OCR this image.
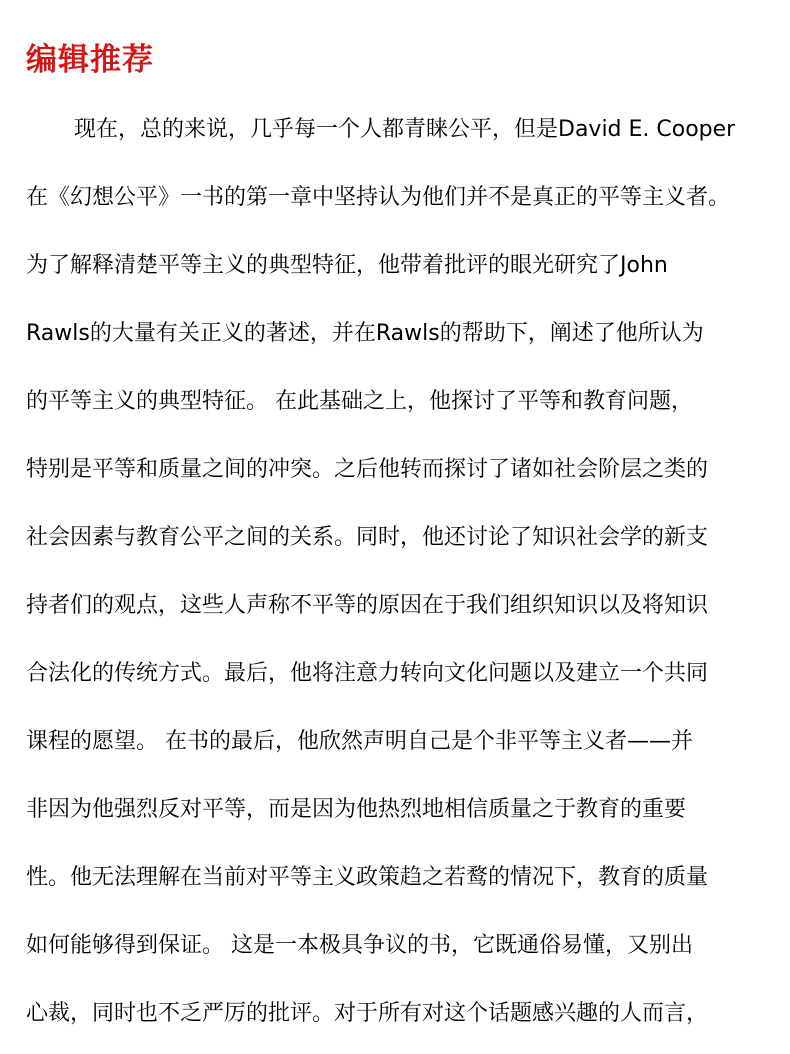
编辑推荐
现在，总的来说，几乎每一个人都青睐公平，但是David E. Cooper
在《幻想公平》一书的第一章中坚持认为他们并不是真正的平等主义者。
为了解释清楚平等主义的典型特征，他带着批评的眼光研究了John
Rawls的大量有关正义的著述，并在Rawls的帮助下，阐述了他所认为
的平等主义的典型特征。 在此基础之上，他探讨了平等和教育问题，
特别是平等和质量之间的冲突。之后他转而探讨了诸如社会阶层之类的
社会因素与教育公平之间的关系。同时，他还讨论了知识社会学的新支
持者们的观点，这些人声称不平等的原因在于我们组织知识以及将知识
合法化的传统方式。最后，他将注意力转向文化问题以及建立一个共同
课程的愿望。 在书的最后，他欣然声明自己是个非平等主义者——并
非因为他强烈反对平等，而是因为他热烈地相信质量之于教育的重要
性。他无法理解在当前对平等主义政策趋之若鹜的情况下，教育的质量
如何能够得到保证。 这是一本极具争议的书，它既通俗易懂，又别出
心裁，同时也不乏严厉的批评。对于所有对这个话题感兴趣的人而言，
